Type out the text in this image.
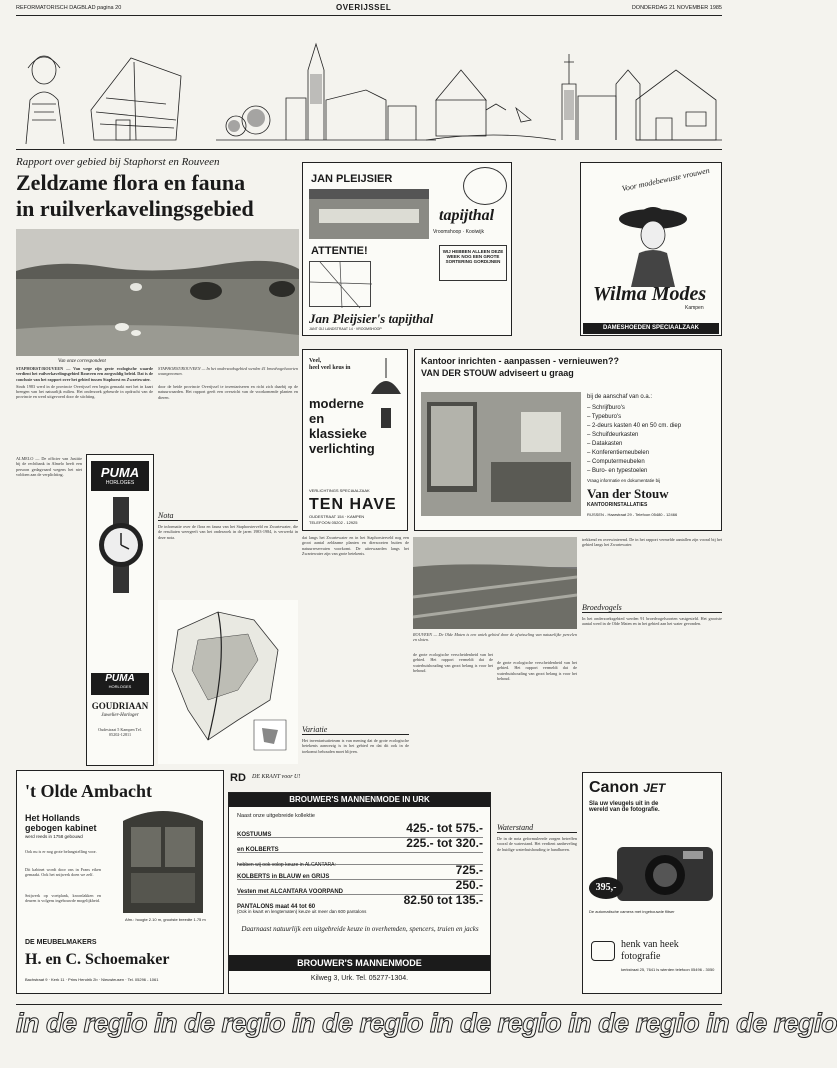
REFORMATORISCH DAGBLAD pagina 20	OVERIJSSEL	DONDERDAG 21 NOVEMBER 1985
Rapport over gebied bij Staphorst en Rouveen
Zeldzame flora en fauna
in ruilverkavelingsgebied
Van onze correspondent

STAPHORST/ROUVEEN — Van wege zijn grote ecologische waarde verdient het ruilverkavelingsgebied Rouveen een zorgvuldig beleid. Dat is de conclusie van het rapport over het gebied tussen Staphorst en Zwartewater.

Sinds 1983 werd in de provincie Overijssel een begin gemaakt met het in kaart brengen van het natuurlijk milieu. Het onderzoek gebeurde in opdracht van de provincie en werd uitgevoerd door de stichting.

ALMELO — De officier van Justitie bij de rechtbank in Almelo heeft een persoon gedagvaard wegens het niet voldoen aan de verplichting.	PUMA
HORLOGES
PUMA
HORLOGES
GOUDRIAAN
Juwelier-Horloger
Oudestraat 5 Kampen Tel. 05202-12811
STAPHORST/ROUVEEN — In het onderzoeksgebied werden 41 broedvogelsoorten waargenomen.
door de beide provincie Overijssel te inventariseren en richt zich daarbij op de natuurwaarden. Het rapport geeft een overzicht van de voorkomende planten en dieren.
Nota
De informatie over de flora en fauna van het Staphorsterveld en Zwartewater, die de resultaten weergeeft van het onderzoek in de jaren 1983-1984, is verwerkt in deze nota.	dat langs het Zwartewater en in het Staphorsterveld nog een groot aantal zeldzame planten en diersoorten buiten de natuurreservaten voorkomt. De uiterwaarden langs het Zwartewater zijn van grote betekenis.
Variatie
Het inventarisatieteam is van mening dat de grote ecologische betekenis aanwezig is in het gebied en dat dit ook in de toekomst behouden moet blijven.
ROUVEEN — De Olde Maten is een uniek gebied door de afwisseling van natuurlijke percelen en sloten.
de grote ecologische verscheidenheid van het gebied. Het rapport vermeldt dat de waterhuishouding van groot belang is voor het behoud.
trekkend en overwinterend. De in het rapport vermelde aantallen zijn vooral bij het gebied langs het Zwartewater.
Broedvogels
In het onderzoeksgebied werden 91 broedvogelsoorten vastgesteld. Het grootste aantal werd in de Olde Maten en in het gebied aan het water gevonden.
Waterstand
De in de nota geformuleerde zorgen betreffen vooral de waterstand. Het verdient aanbeveling de huidige waterhuishouding te handhaven.
de grote ecologische verscheidenheid van het gebied. Het rapport vermeldt dat de waterhuishouding van groot belang is voor het behoud.
JAN PLEIJSIER
tapijthal
Vroomshoop · Kooiwijk
ATTENTIE!	WIJ HEBBEN ALLEEN DEZE WEEK NOG EEN GROTE SORTERING GORDIJNEN
Jan Pleijsier's tapijthal
JANT GIJ LANDSTRAAT 14 · VROOMSHOOP
Voor modebewuste vrouwen
Wilma Modes
Kampen
DAMESHOEDEN SPECIAALZAAK
Veel,
heel veel keus in
moderne
en
klassieke
verlichting
VERLICHTINGS SPECIAALZAAK
TEN HAVE
OUDESTRAAT 154 · KAMPEN
TELEFOON 05202 - 12925
Kantoor inrichten - aanpassen - vernieuwen??
VAN DER STOUW adviseert u graag
bij de aanschaf van o.a.:
– Schrijfburo's
– Typeburo's
– 2-deurs kasten 40 en 50 cm. diep
– Schuifdeurkasten
– Datakasten
– Konferentiemeubelen
– Computermeubelen
– Buro- en typestoelen
Vraag informatie en dokumentatie bij
Van der Stouw
KANTOORINSTALLATIES
RIJSSEN - Haarstraat 29 - Telefoon 05480 - 12466
't Olde Ambacht
Het Hollands
gebogen kabinet
werd reeds in 1758 gebouwd
Ook nu is er nog grote belangstelling voor.
Dit kabinet wordt door ons in Frans eiken gemaakt. Ook het snijwerk doen we zelf.
Snijwerk op voetplank, kroonlakken en deuren is volgens ingebouwde mogelijkheid.
Afm.: hoogte 2.10 m, grootste breedte 1.75 m
DE MEUBELMAKERS
H. en C. Schoemaker
Bachstraat 9 · Kerk 11 · Prins Hendrik 2b · Nieuwleusen · Tel. 05296 - 1061
RD DE KRANT voor U!
BROUWER'S MANNENMODE IN URK
Naast onze uitgebreide kollektie
KOSTUUMS	425.- tot 575.-
en KOLBERTS	225.- tot 320.-
hebben wij ook volop keuze in ALCANTARA:
KOLBERTS in BLAUW en GRIJS	725.-
Vesten met ALCANTARA VOORPAND	250.-
PANTALONS maat 44 tot 60	82.50 tot 135.-
(Ook in kwart en lengtematen) keuze uit meer dan 600 pantalons
Daarnaast natuurlijk een uitgebreide keuze in overhemden, spencers, truien en jacks
BROUWER'S MANNENMODE
Kilweg 3, Urk. Tel. 05277-1304.
Canon JET
Sla uw vleugels uit in de wereld van de fotografie.
395,-
De automatische camera met ingebouwde flitser
henk van heek
fotografie
kerkstraat 25, 7641 ls wierden telefoon 05496 - 3050
in de regio in de regio in de regio in de regio in de regio in de regio
